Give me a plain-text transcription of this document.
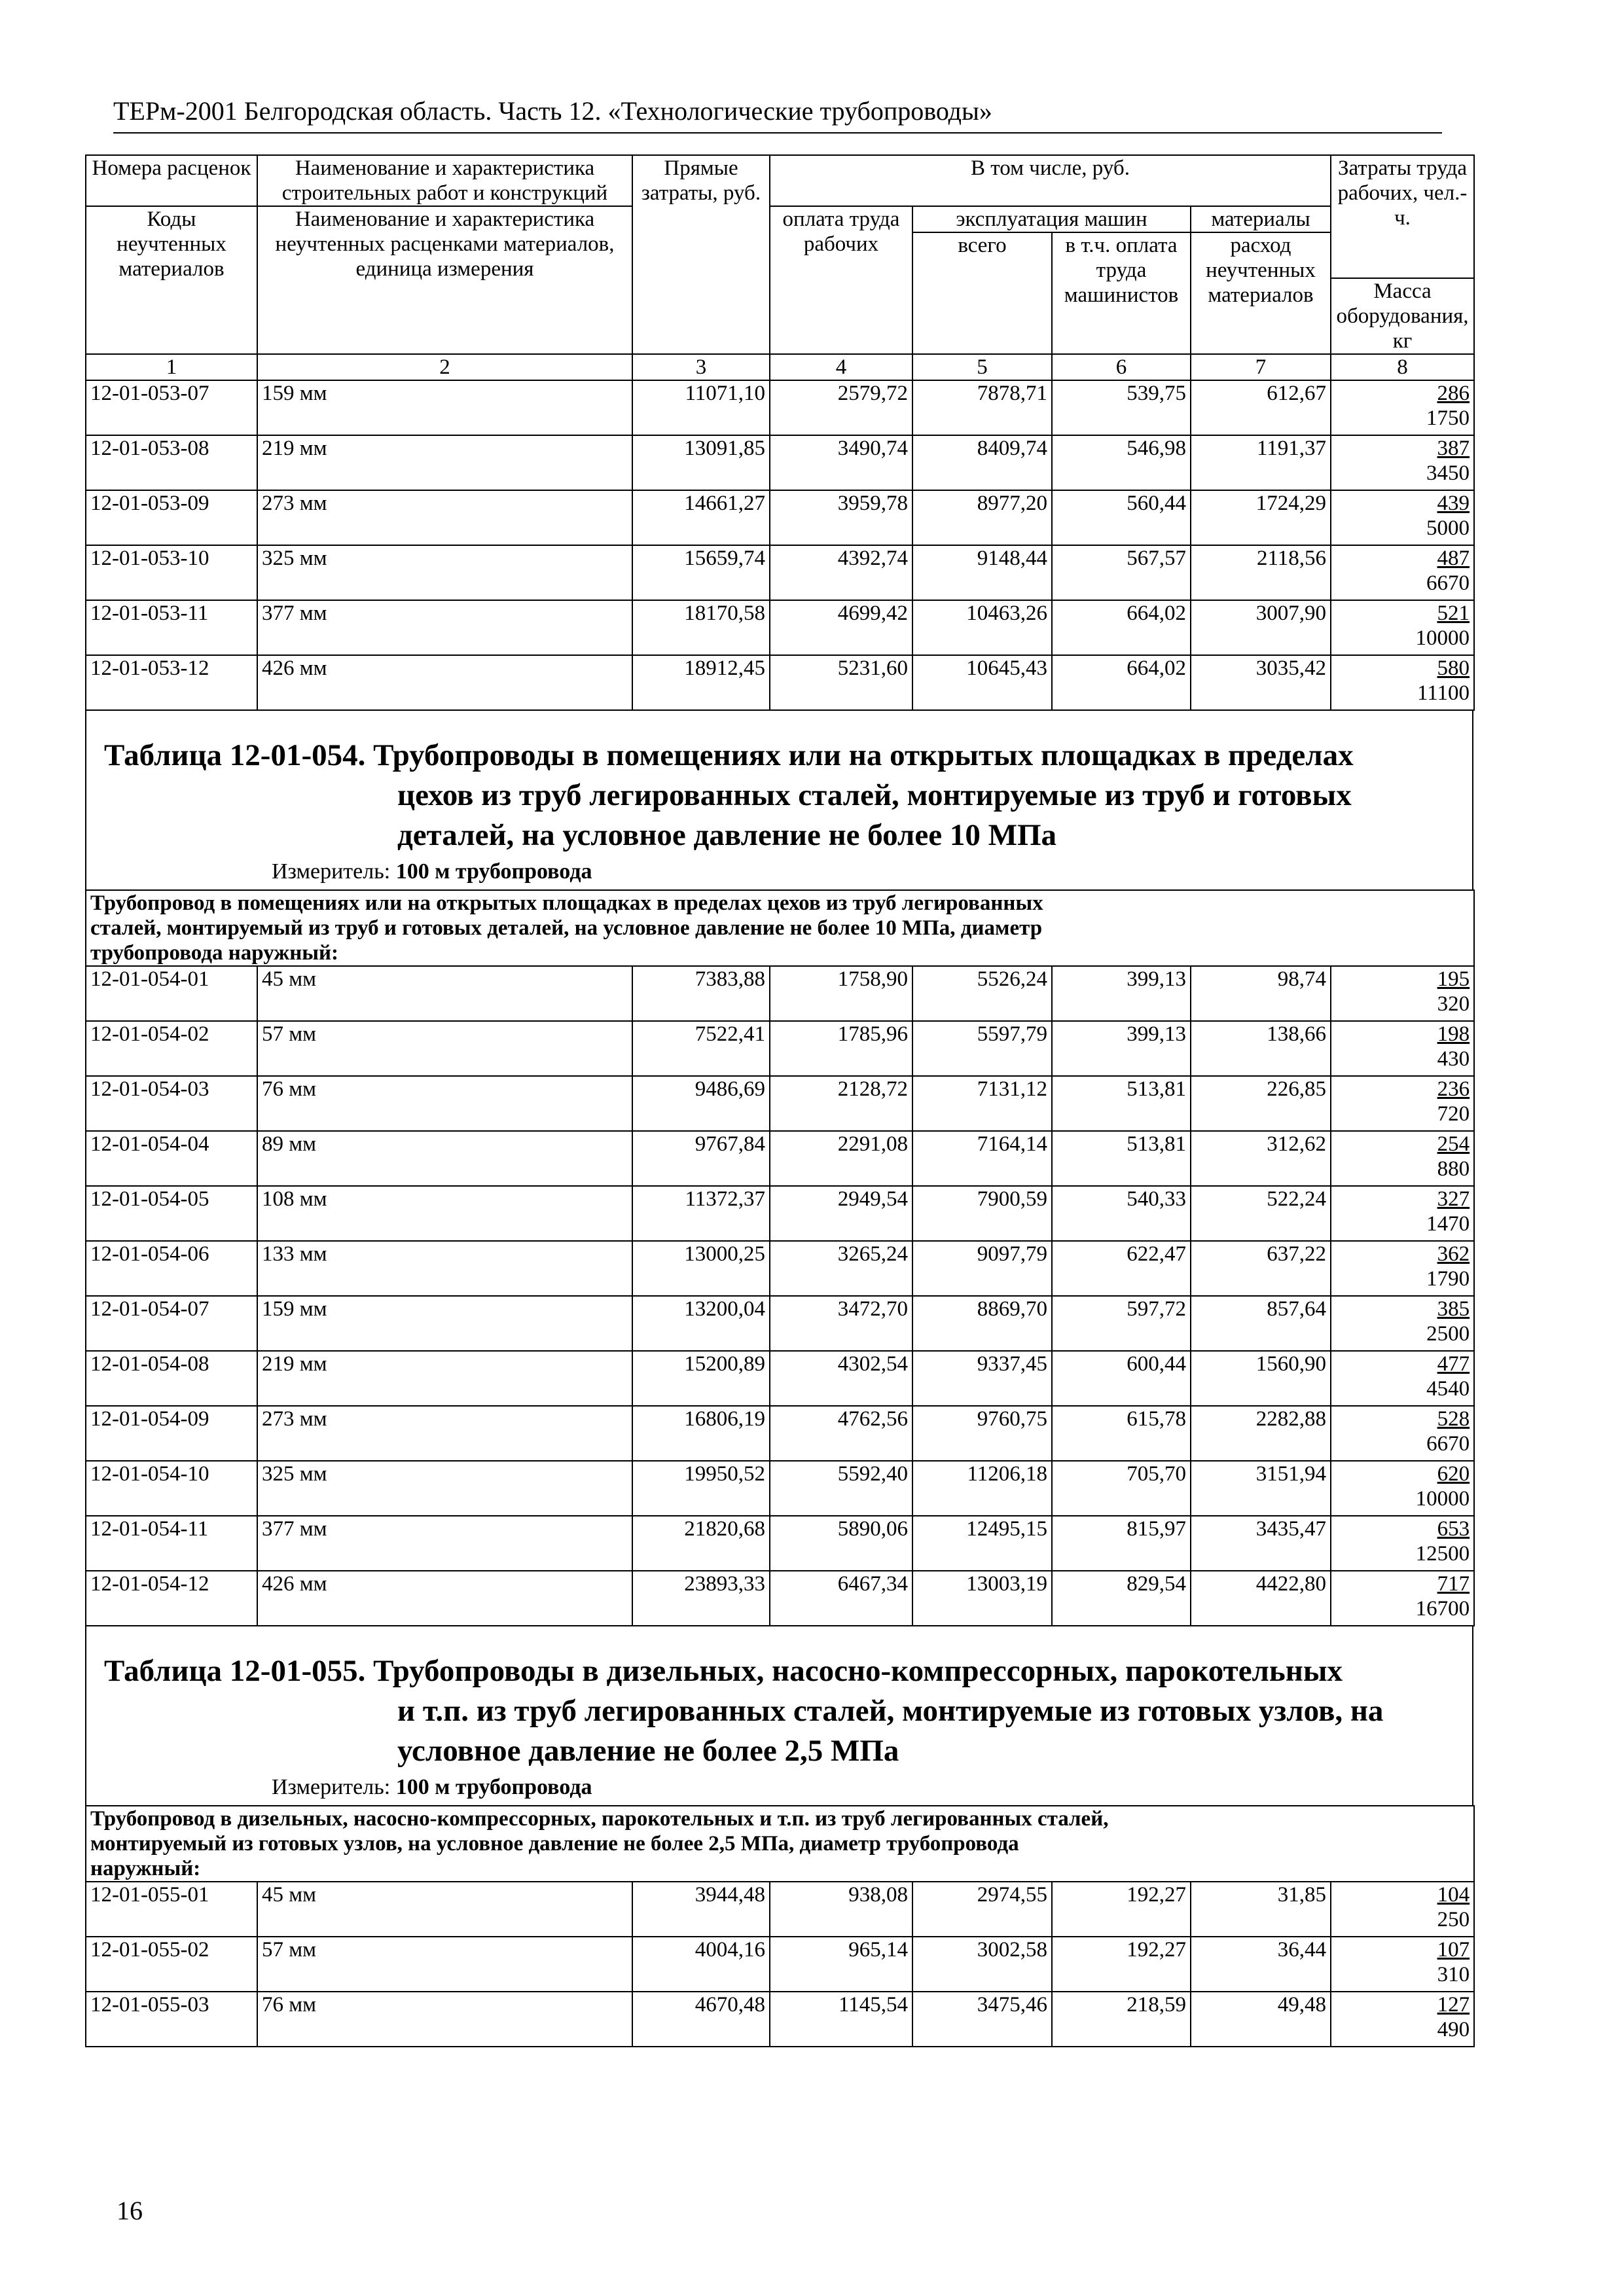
ТЕРм-2001 Белгородская область. Часть 12. «Технологические трубопроводы»
Номера расценок	Наименование и характеристика строительных работ и конструкций	Прямые затраты, руб.	В том числе, руб.				Затраты труда рабочих, чел.-ч.
Коды неучтенных материалов	Наименование и характеристика неучтенных расценками материалов, единица измерения		оплата труда рабочих	эксплуатация машин		материалы	
				всего	в т.ч. оплата труда машинистов	расход неучтенных материалов	
							Масса оборудования, кг
1	2	3	4	5	6	7	8
12-01-053-07	159 мм	11071,10	2579,72	7878,71	539,75	612,67	286
1750

12-01-053-08	219 мм	13091,85	3490,74	8409,74	546,98	1191,37	387
3450

12-01-053-09	273 мм	14661,27	3959,78	8977,20	560,44	1724,29	439
5000

12-01-053-10	325 мм	15659,74	4392,74	9148,44	567,57	2118,56	487
6670

12-01-053-11	377 мм	18170,58	4699,42	10463,26	664,02	3007,90	521
10000

12-01-053-12	426 мм	18912,45	5231,60	10645,43	664,02	3035,42	580
11100
Таблица 12-01-054. Трубопроводы в помещениях или на открытых площадках в пределах
цехов из труб легированных сталей, монтируемые из труб и готовых
деталей, на условное давление не более 10 МПа
Измеритель: 100 м трубопровода
Трубопровод в помещениях или на открытых площадках в пределах цехов из труб легированных
сталей, монтируемый из труб и готовых деталей, на условное давление не более 10 МПа, диаметр
трубопровода наружный:							

12-01-054-01	45 мм	7383,88	1758,90	5526,24	399,13	98,74	195
320

12-01-054-02	57 мм	7522,41	1785,96	5597,79	399,13	138,66	198
430

12-01-054-03	76 мм	9486,69	2128,72	7131,12	513,81	226,85	236
720

12-01-054-04	89 мм	9767,84	2291,08	7164,14	513,81	312,62	254
880

12-01-054-05	108 мм	11372,37	2949,54	7900,59	540,33	522,24	327
1470

12-01-054-06	133 мм	13000,25	3265,24	9097,79	622,47	637,22	362
1790

12-01-054-07	159 мм	13200,04	3472,70	8869,70	597,72	857,64	385
2500

12-01-054-08	219 мм	15200,89	4302,54	9337,45	600,44	1560,90	477
4540

12-01-054-09	273 мм	16806,19	4762,56	9760,75	615,78	2282,88	528
6670

12-01-054-10	325 мм	19950,52	5592,40	11206,18	705,70	3151,94	620
10000

12-01-054-11	377 мм	21820,68	5890,06	12495,15	815,97	3435,47	653
12500

12-01-054-12	426 мм	23893,33	6467,34	13003,19	829,54	4422,80	717
16700
Таблица 12-01-055. Трубопроводы в дизельных, насосно-компрессорных, парокотельных
и т.п. из труб легированных сталей, монтируемые из готовых узлов, на
условное давление не более 2,5 МПа
Измеритель: 100 м трубопровода
Трубопровод в дизельных, насосно-компрессорных, парокотельных и т.п. из труб легированных сталей,
монтируемый из готовых узлов, на условное давление не более 2,5 МПа, диаметр трубопровода
наружный:							

12-01-055-01	45 мм	3944,48	938,08	2974,55	192,27	31,85	104
250

12-01-055-02	57 мм	4004,16	965,14	3002,58	192,27	36,44	107
310

12-01-055-03	76 мм	4670,48	1145,54	3475,46	218,59	49,48	127
490
16
